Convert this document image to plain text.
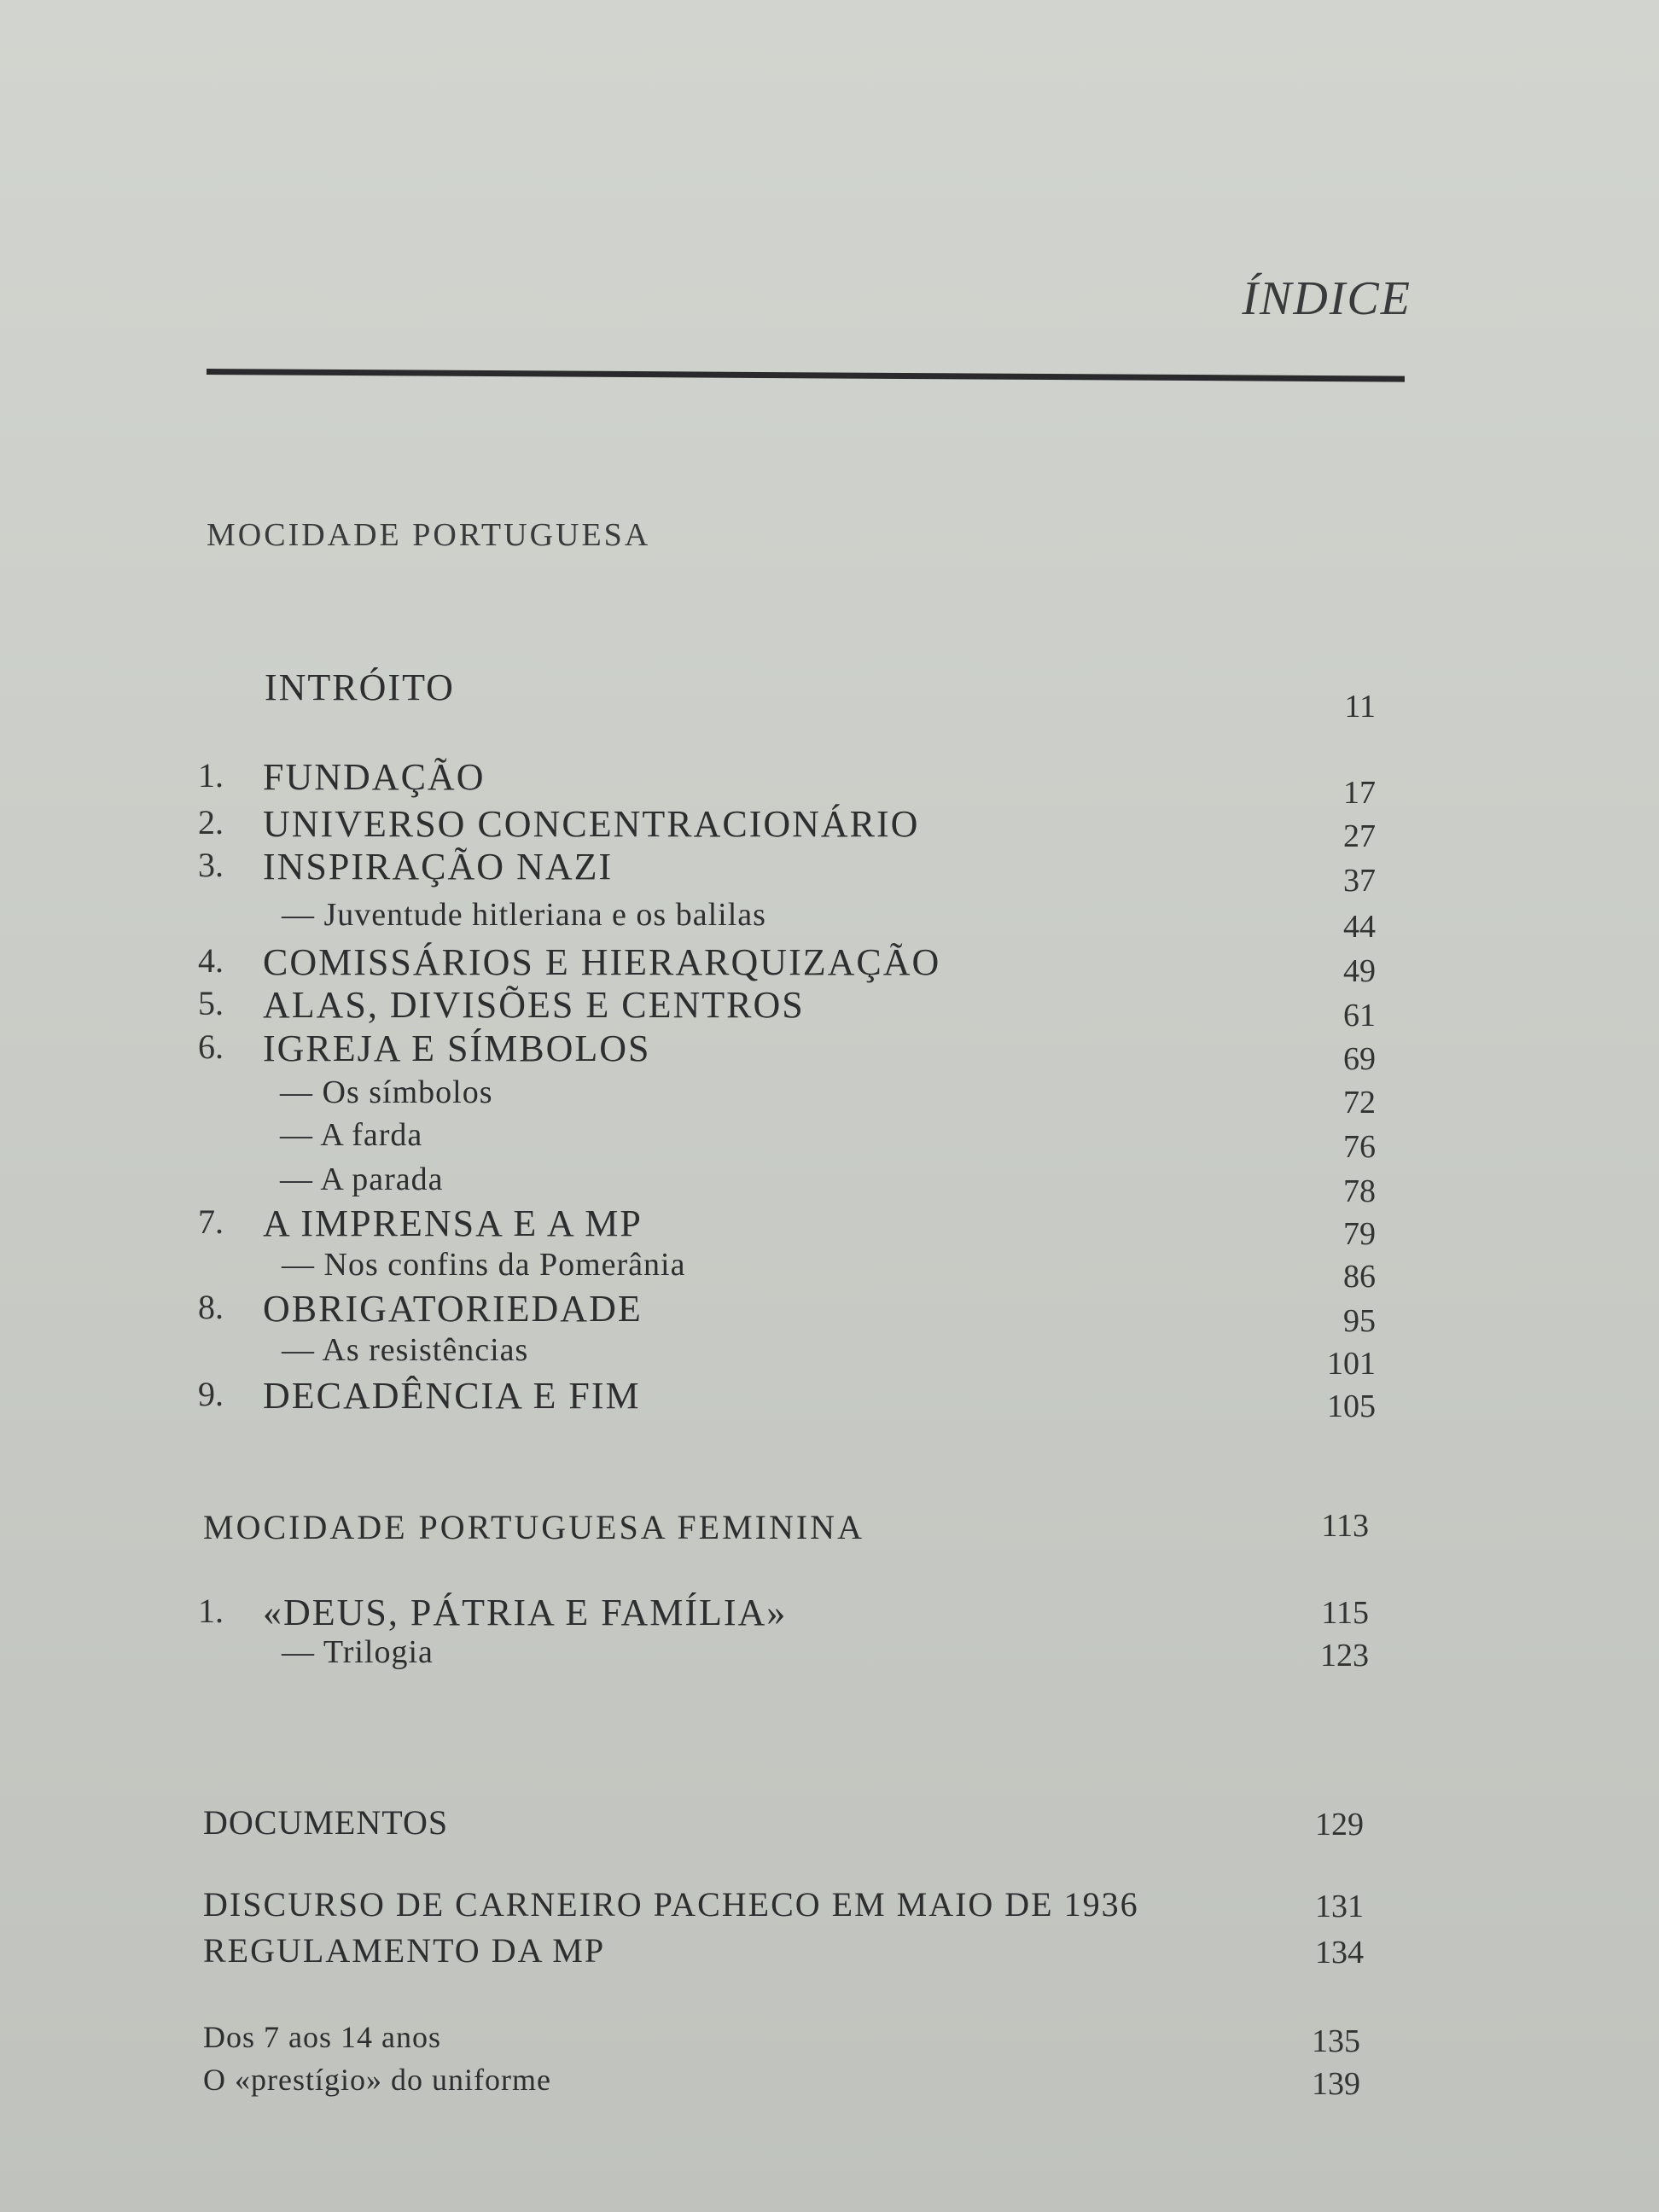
ÍNDICE
MOCIDADE PORTUGUESA
INTRÓITO	11
1. FUNDAÇÃO	17
2. UNIVERSO CONCENTRACIONÁRIO	27
3. INSPIRAÇÃO NAZI	37
— Juventude hitleriana e os balilas	44
4. COMISSÁRIOS E HIERARQUIZAÇÃO	49
5. ALAS, DIVISÕES E CENTROS	61
6. IGREJA E SÍMBOLOS	69
— Os símbolos	72
— A farda	76
— A parada	78
7. A IMPRENSA E A MP	79
— Nos confins da Pomerânia	86
8. OBRIGATORIEDADE	95
— As resistências	101
9. DECADÊNCIA E FIM	105
MOCIDADE PORTUGUESA FEMININA	113
1. «DEUS, PÁTRIA E FAMÍLIA»	115
— Trilogia	123
DOCUMENTOS	129
DISCURSO DE CARNEIRO PACHECO EM MAIO DE 1936	131
REGULAMENTO DA MP	134
Dos 7 aos 14 anos	135
O «prestígio» do uniforme	139
